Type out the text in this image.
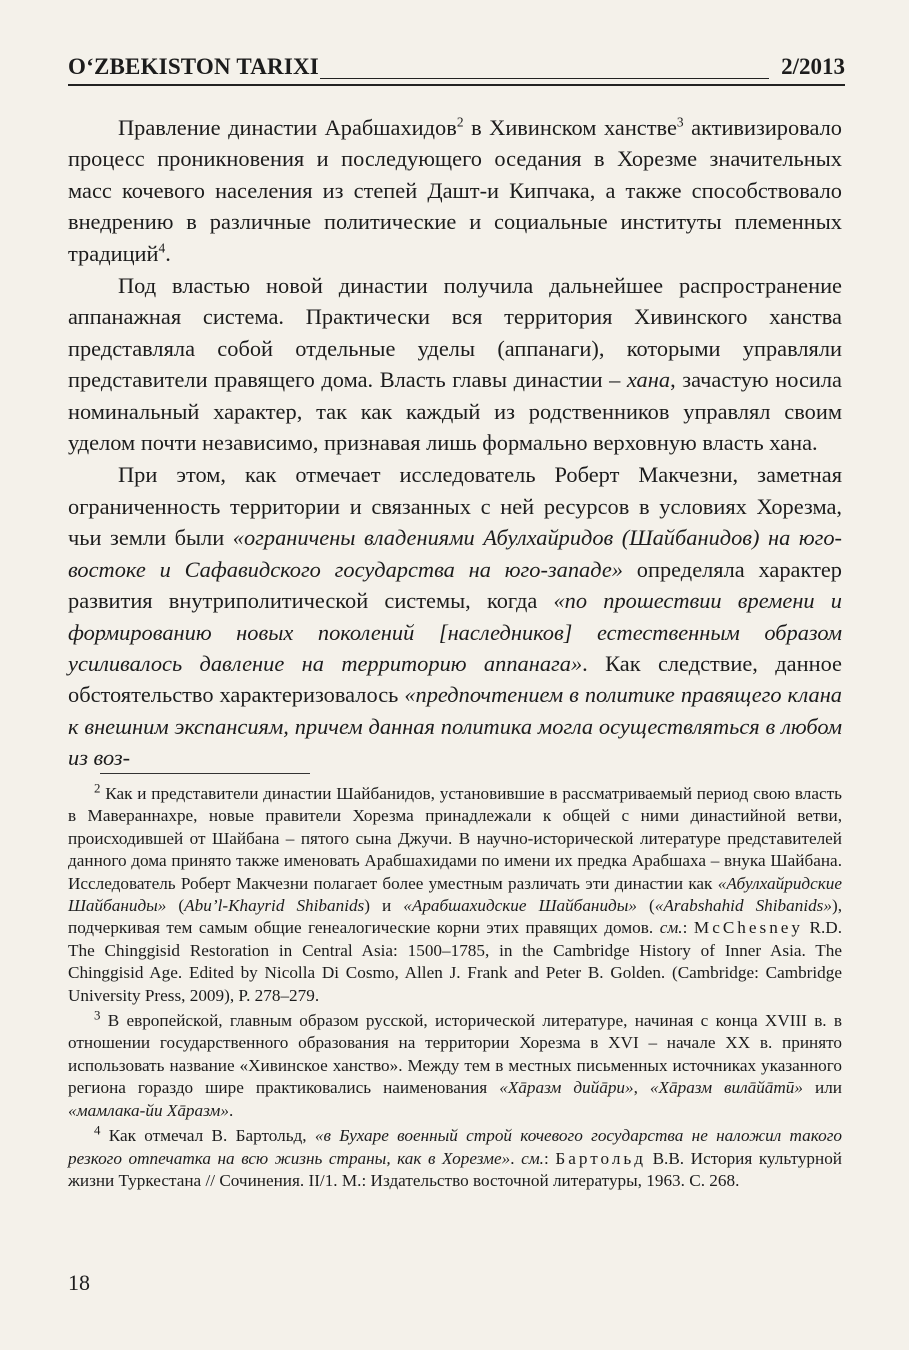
O‘ZBEKISTON TARIXI	2/2013

Правление династии Арабшахидов$^2$ в Хивинском ханстве$^3$ активизировало процесс проникновения и последующего оседания в Хорезме значительных масс кочевого населения из степей Дашт-и Кипчака, а также способствовало внедрению в различные политические и социальные институты племенных традиций$^4$.

Под властью новой династии получила дальнейшее распространение аппанажная система. Практически вся территория Хивинского ханства представляла собой отдельные уделы (аппанаги), которыми управляли представители правящего дома. Власть главы династии – хана, зачастую носила номинальный характер, так как каждый из родственников управлял своим уделом почти независимо, признавая лишь формально верховную власть хана.

При этом, как отмечает исследователь Роберт Макчезни, заметная ограниченность территории и связанных с ней ресурсов в условиях Хорезма, чьи земли были «ограничены владениями Абулхайридов (Шайбанидов) на юго-востоке и Сафавидского государства на юго-западе» определяла характер развития внутриполитической системы, когда «по прошествии времени и формированию новых поколений [наследников] естественным образом усиливалось давление на территорию аппанага». Как следствие, данное обстоятельство характеризовалось «предпочтением в политике правящего клана к внешним экспансиям, причем данная политика могла осуществляться в любом из воз-

$^2$ Как и представители династии Шайбанидов, установившие в рассматриваемый период свою власть в Мавераннахре, новые правители Хорезма принадлежали к общей с ними династийной ветви, происходившей от Шайбана – пятого сына Джучи. В научно-исторической литературе представителей данного дома принято также именовать Арабшахидами по имени их предка Арабшаха – внука Шайбана. Исследователь Роберт Макчезни полагает более уместным различать эти династии как «Абулхайридские Шайбаниды» (Abu’l-Khayrid Shibanids) и «Арабшахидские Шайбаниды» («Arabshahid Shibanids»), подчеркивая тем самым общие генеалогические корни этих правящих домов. см.: McChesney R.D. The Chinggisid Restoration in Central Asia: 1500–1785, in the Cambridge History of Inner Asia. The Chinggisid Age. Edited by Nicolla Di Cosmo, Allen J. Frank and Peter B. Golden. (Cambridge: Cambridge University Press, 2009), P. 278–279.

$^3$ В европейской, главным образом русской, исторической литературе, начиная с конца XVIII в. в отношении государственного образования на территории Хорезма в XVI – начале XX в. принято использовать название «Хивинское ханство». Между тем в местных письменных источниках указанного региона гораздо шире практиковались наименования «Хāразм дийāри», «Хāразм вилāйāтū» или «мамлака-йи Хāразм».

$^4$ Как отмечал В. Бартольд, «в Бухаре военный строй кочевого государства не наложил такого резкого отпечатка на всю жизнь страны, как в Хорезме». см.: Бартольд В.В. История культурной жизни Туркестана // Сочинения. II/1. М.: Издательство восточной литературы, 1963. С. 268.

18
